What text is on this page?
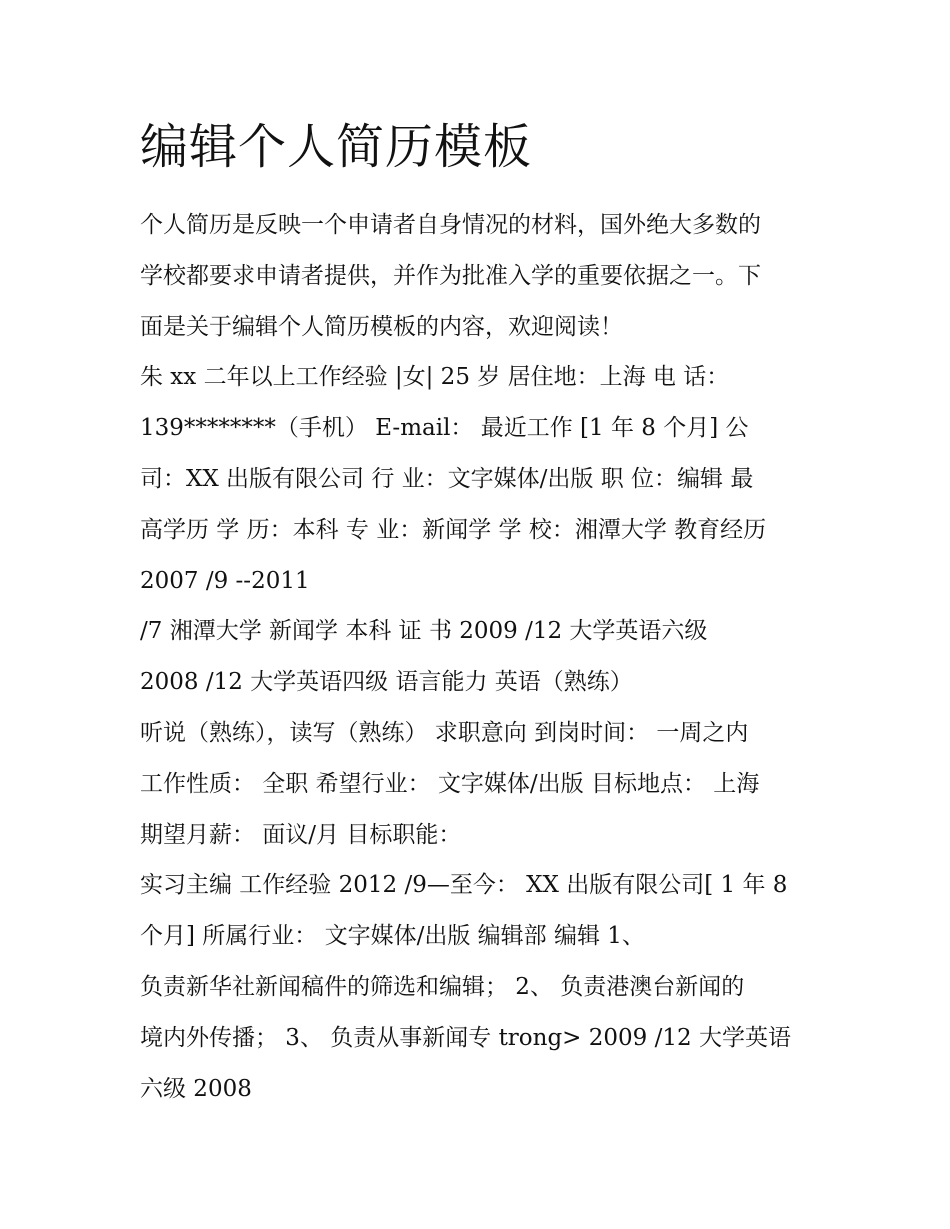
编辑个人简历模板
个人简历是反映一个申请者自身情况的材料，国外绝大多数的
学校都要求申请者提供，并作为批准入学的重要依据之一。下
面是关于编辑个人简历模板的内容，欢迎阅读！
朱 xx 二年以上工作经验 |女| 25 岁 居住地：上海 电 话：
139********（手机） E-mail： 最近工作 [1 年 8 个月] 公
司：XX 出版有限公司 行 业：文字媒体/出版 职 位：编辑 最
高学历 学 历：本科 专 业：新闻学 学 校：湘潭大学 教育经历
2007 /9 --2011
/7 湘潭大学 新闻学 本科 证 书 2009 /12 大学英语六级
2008 /12 大学英语四级 语言能力 英语（熟练）
听说（熟练），读写（熟练） 求职意向 到岗时间： 一周之内
工作性质： 全职 希望行业： 文字媒体/出版 目标地点： 上海
期望月薪： 面议/月 目标职能：
实习主编 工作经验 2012 /9—至今： XX 出版有限公司[ 1 年 8
个月] 所属行业： 文字媒体/出版 编辑部 编辑 1、
负责新华社新闻稿件的筛选和编辑； 2、 负责港澳台新闻的
境内外传播； 3、 负责从事新闻专 trong> 2009 /12 大学英语
六级 2008
